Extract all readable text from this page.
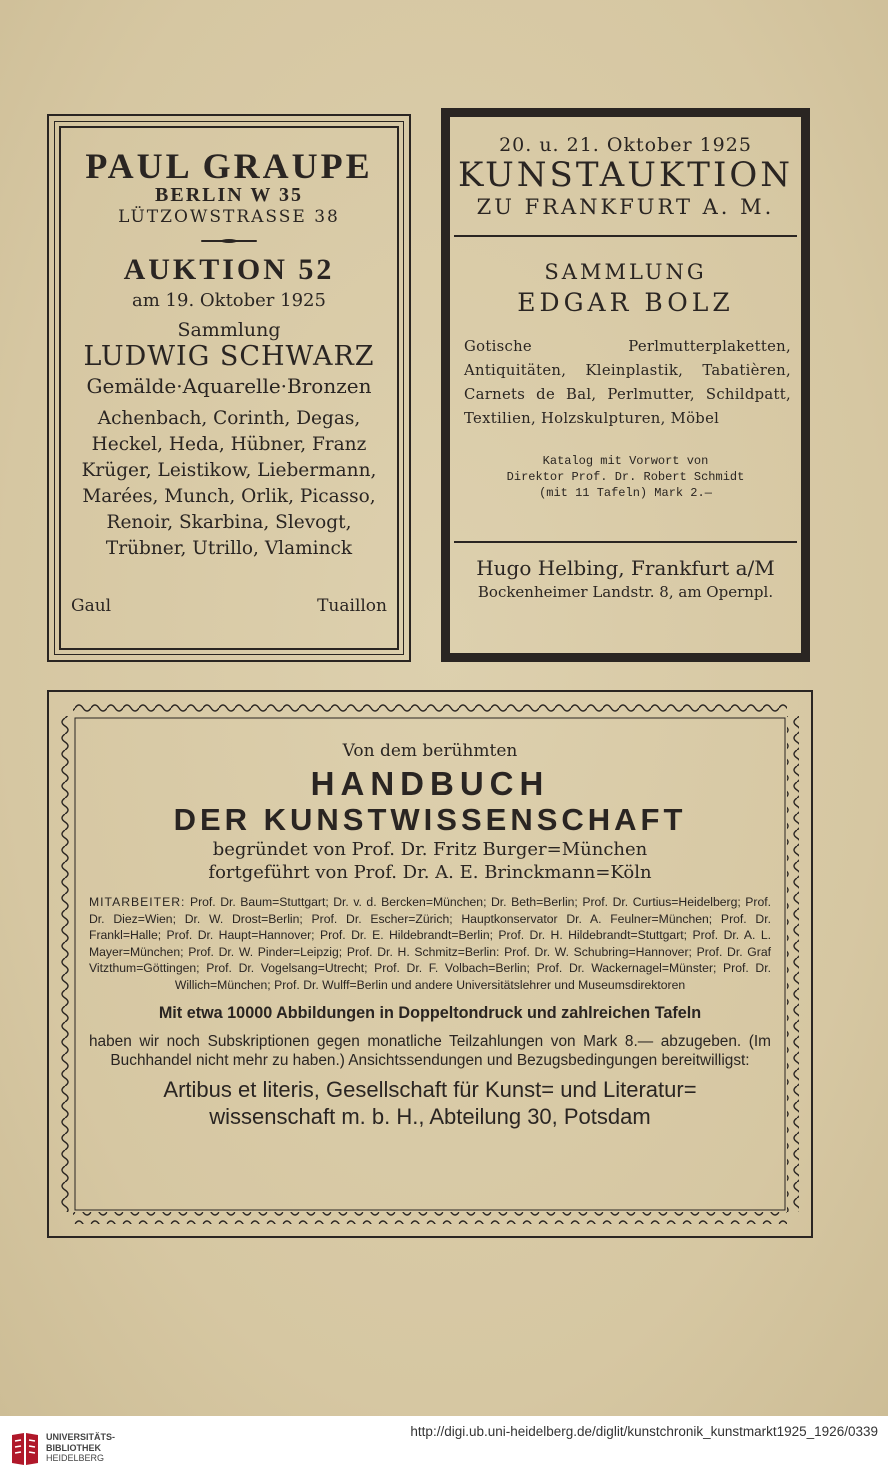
PAUL GRAUPE
BERLIN W 35
LÜTZOWSTRASSE 38
AUKTION 52
am 19. Oktober 1925
Sammlung
LUDWIG SCHWARZ
Gemälde·Aquarelle·Bronzen
Achenbach, Corinth, Degas, Heckel, Heda, Hübner, Franz Krüger, Leistikow, Liebermann, Marées, Munch, Orlik, Picasso, Renoir, Skarbina, Slevogt, Trübner, Utrillo, Vlaminck
Gaul	Tuaillon
20. u. 21. Oktober 1925
KUNSTAUKTION
ZU FRANKFURT A. M.
SAMMLUNG
EDGAR BOLZ
Gotische Perlmutterplaketten, Antiquitäten, Kleinplastik, Tabatièren, Carnets de Bal, Perlmutter, Schildpatt, Textilien, Holzskulpturen, Möbel
Katalog mit Vorwort von
Direktor Prof. Dr. Robert Schmidt
(mit 11 Tafeln) Mark 2.—
Hugo Helbing, Frankfurt a/M
Bockenheimer Landstr. 8, am Opernpl.
Von dem berühmten
HANDBUCH
DER KUNSTWISSENSCHAFT
begründet von Prof. Dr. Fritz Burger=München
fortgeführt von Prof. Dr. A. E. Brinckmann=Köln
MITARBEITER: Prof. Dr. Baum=Stuttgart; Dr. v. d. Bercken=München; Dr. Beth=Berlin; Prof. Dr. Curtius=Heidelberg; Prof. Dr. Diez=Wien; Dr. W. Drost=Berlin; Prof. Dr. Escher=Zürich; Hauptkonservator Dr. A. Feulner=München; Prof. Dr. Frankl=Halle; Prof. Dr. Haupt=Hannover; Prof. Dr. E. Hildebrandt=Berlin; Prof. Dr. H. Hildebrandt=Stuttgart; Prof. Dr. A. L. Mayer=München; Prof. Dr. W. Pinder=Leipzig; Prof. Dr. H. Schmitz=Berlin: Prof. Dr. W. Schubring=Hannover; Prof. Dr. Graf Vitzthum=Göttingen; Prof. Dr. Vogelsang=Utrecht; Prof. Dr. F. Volbach=Berlin; Prof. Dr. Wackernagel=Münster; Prof. Dr. Willich=München; Prof. Dr. Wulff=Berlin und andere Universitätslehrer und Museumsdirektoren
Mit etwa 10000 Abbildungen in Doppeltondruck und zahlreichen Tafeln
haben wir noch Subskriptionen gegen monatliche Teilzahlungen von Mark 8.— abzugeben. (Im Buchhandel nicht mehr zu haben.) Ansichtssendungen und Bezugsbedingungen bereitwilligst:
Artibus et literis, Gesellschaft für Kunst= und Literatur=
wissenschaft m. b. H., Abteilung 30, Potsdam
UNIVERSITÄTS-
BIBLIOTHEK
HEIDELBERG
http://digi.ub.uni-heidelberg.de/diglit/kunstchronik_kunstmarkt1925_1926/0339
